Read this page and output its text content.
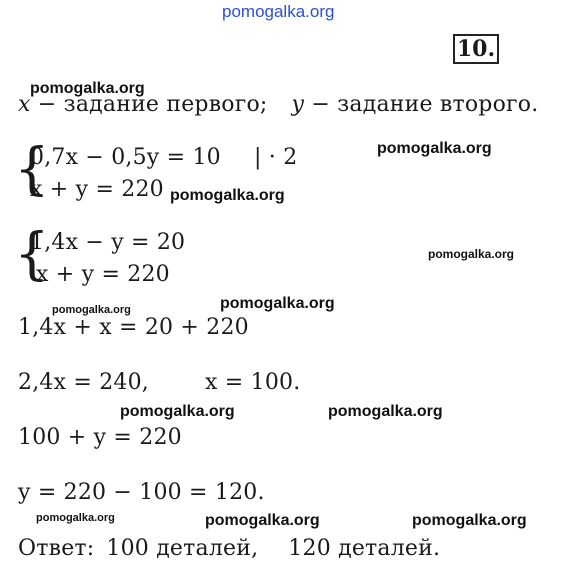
pomogalka.org
10.
pomogalka.org
x − задание первого; y − задание второго.
{
0,7x − 0,5y = 10 | · 2	pomogalka.org
x + y = 220 pomogalka.org
{
1,4x − y = 20	pomogalka.org
x + y = 220
pomogalka.org	pomogalka.org
1,4x + x = 20 + 220
2,4x = 240,	x = 100.
pomogalka.org	pomogalka.org
100 + y = 220
y = 220 − 100 = 120.
pomogalka.org	pomogalka.org	pomogalka.org
Ответ: 100 деталей, 120 деталей.
